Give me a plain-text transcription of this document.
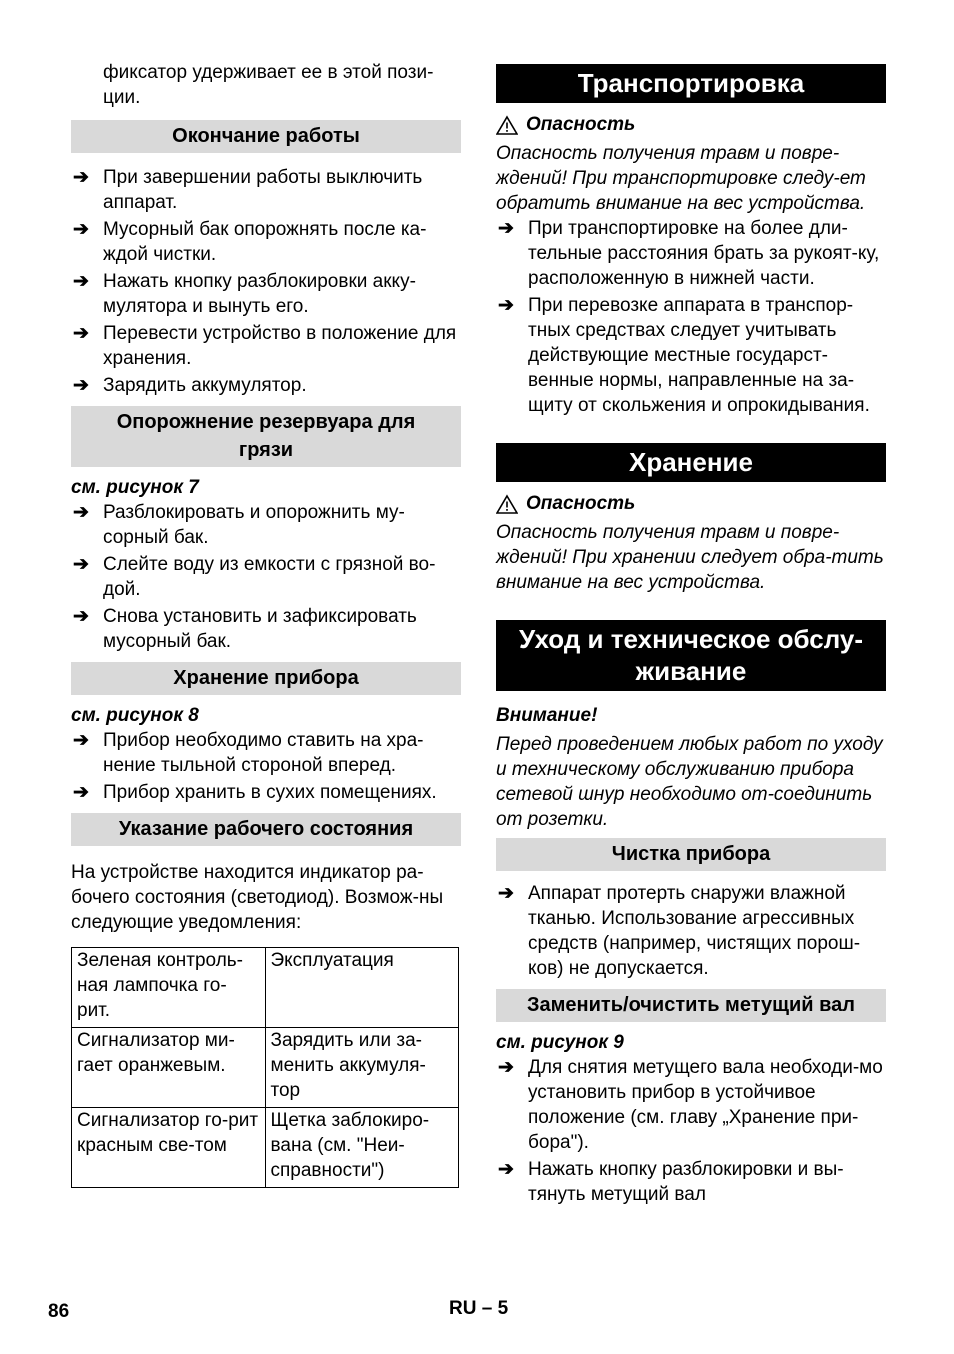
фиксатор удерживает ее в этой пози-ции.

Окончание работы
➔ При завершении работы выключить аппарат.
➔ Мусорный бак опорожнять после ка-ждой чистки.
➔ Нажать кнопку разблокировки акку-мулятора и вынуть его.
➔ Перевести устройство в положение для хранения.
➔ Зарядить аккумулятор.
Опорожнение резервуара для грязи

см. рисунок 7

➔ Разблокировать и опорожнить му-сорный бак.
➔ Слейте воду из емкости с грязной во-дой.
➔ Снова установить и зафиксировать мусорный бак.
Хранение прибора

см. рисунок 8

➔ Прибор необходимо ставить на хра-нение тыльной стороной вперед.
➔ Прибор хранить в сухих помещениях.
Указание рабочего состояния

На устройстве находится индикатор ра-бочего состояния (светодиод). Возмож-ны следующие уведомления:

Зеленая контроль-ная лампочка го-рит.	Эксплуатация
Сигнализатор ми-гает оранжевым.	Зарядить или за-менить аккумуля-тор
Сигнализатор го-рит красным све-том	Щетка заблокиро-вана (см. "Неи-справности")
Транспортировка

Опасность

Опасность получения травм и повре-ждений! При транспортировке следу-ет обратить внимание на вес устройства.

➔ При транспортировке на более дли-тельные расстояния брать за рукоят-ку, расположенную в нижней части.
➔ При перевозке аппарата в транспор-тных средствах следует учитывать действующие местные государст-венные нормы, направленные на за-щиту от скольжения и опрокидывания.
Хранение

Опасность

Опасность получения травм и повре-ждений! При хранении следует обра-тить внимание на вес устройства.

Уход и техническое обслу-живание

Внимание!

Перед проведением любых работ по уходу и техническому обслуживанию прибора сетевой шнур необходимо от-соединить от розетки.

Чистка прибора
➔ Аппарат протерть снаружи влажной тканью. Использование агрессивных средств (например, чистящих порош-ков) не допускается.
Заменить/очистить метущий вал

см. рисунок 9

➔ Для снятия метущего вала необходи-мо установить прибор в устойчивое положение (см. главу „Хранение при-бора").
➔ Нажать кнопку разблокировки и вы-тянуть метущий вал
86	RU – 5
